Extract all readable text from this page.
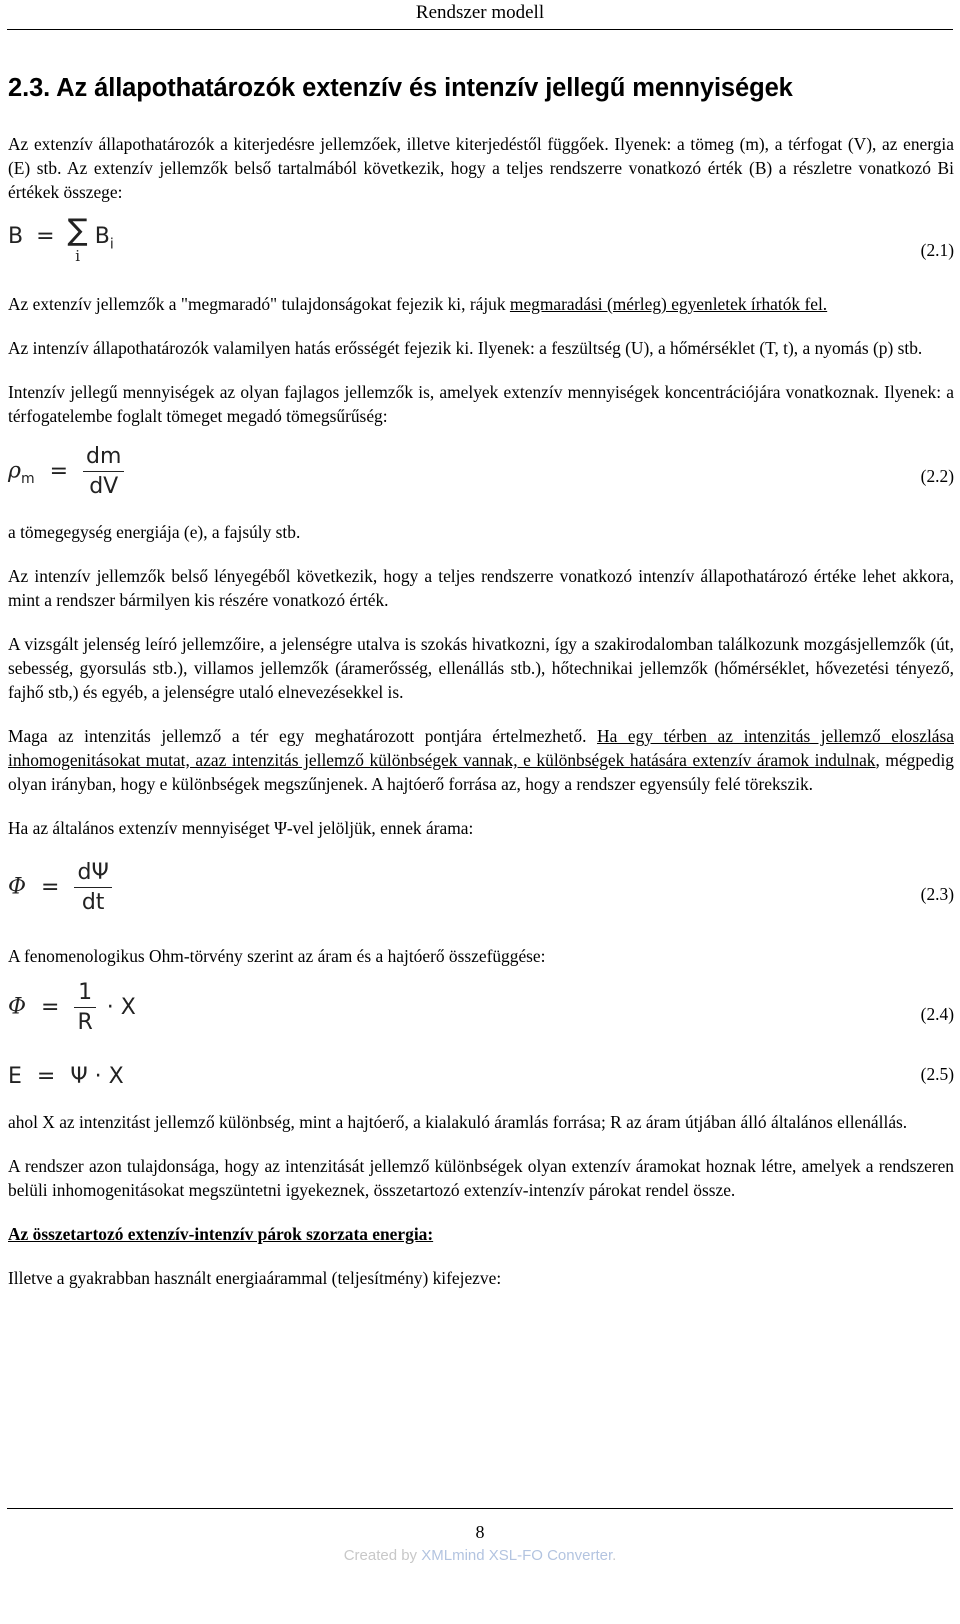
Rendszer modell
2.3. Az állapothatározók extenzív és intenzív jellegű mennyiségek

Az extenzív állapothatározók a kiterjedésre jellemzőek, illetve kiterjedéstől függőek. Ilyenek: a tömeg (m), a térfogat (V), az energia (E) stb. Az extenzív jellemzők belső tartalmából következik, hogy a teljes rendszerre vonatkozó érték (B) a részletre vonatkozó Bi értékek összege:

B = ∑
i
$B_i$	(2.1)

Az extenzív jellemzők a "megmaradó" tulajdonságokat fejezik ki, rájuk megmaradási (mérleg) egyenletek írhatók fel.

Az intenzív állapothatározók valamilyen hatás erősségét fejezik ki. Ilyenek: a feszültség (U), a hőmérséklet (T, t), a nyomás (p) stb.

Intenzív jellegű mennyiségek az olyan fajlagos jellemzők is, amelyek extenzív mennyiségek koncentrációjára vonatkoznak. Ilyenek: a térfogatelembe foglalt tömeget megadó tömegsűrűség:

$\rho_m = \frac{dm}{dV}$	(2.2)

a tömegegység energiája (e), a fajsúly stb.

Az intenzív jellemzők belső lényegéből következik, hogy a teljes rendszerre vonatkozó intenzív állapothatározó értéke lehet akkora, mint a rendszer bármilyen kis részére vonatkozó érték.

A vizsgált jelenség leíró jellemzőire, a jelenségre utalva is szokás hivatkozni, így a szakirodalomban találkozunk mozgásjellemzők (út, sebesség, gyorsulás stb.), villamos jellemzők (áramerősség, ellenállás stb.), hőtechnikai jellemzők (hőmérséklet, hővezetési tényező, fajhő stb,) és egyéb, a jelenségre utaló elnevezésekkel is.

Maga az intenzitás jellemző a tér egy meghatározott pontjára értelmezhető. Ha egy térben az intenzitás jellemző eloszlása inhomogenitásokat mutat, azaz intenzitás jellemző különbségek vannak, e különbségek hatására extenzív áramok indulnak, mégpedig olyan irányban, hogy e különbségek megszűnjenek. A hajtóerő forrása az, hogy a rendszer egyensúly felé törekszik.

Ha az általános extenzív mennyiséget Ψ-vel jelöljük, ennek árama:

$\Phi = \frac{d\Psi}{dt}$	(2.3)

A fenomenologikus Ohm-törvény szerint az áram és a hajtóerő összefüggése:

$\Phi = \frac{1}{R} \cdot X$	(2.4)
E = Ψ · X	(2.5)

ahol X az intenzitást jellemző különbség, mint a hajtóerő, a kialakuló áramlás forrása; R az áram útjában álló általános ellenállás.

A rendszer azon tulajdonsága, hogy az intenzitását jellemző különbségek olyan extenzív áramokat hoznak létre, amelyek a rendszeren belüli inhomogenitásokat megszüntetni igyekeznek, összetartozó extenzív-intenzív párokat rendel össze.

Az összetartozó extenzív-intenzív párok szorzata energia:

Illetve a gyakrabban használt energiaárammal (teljesítmény) kifejezve:

8
Created by XMLmind XSL-FO Converter.
